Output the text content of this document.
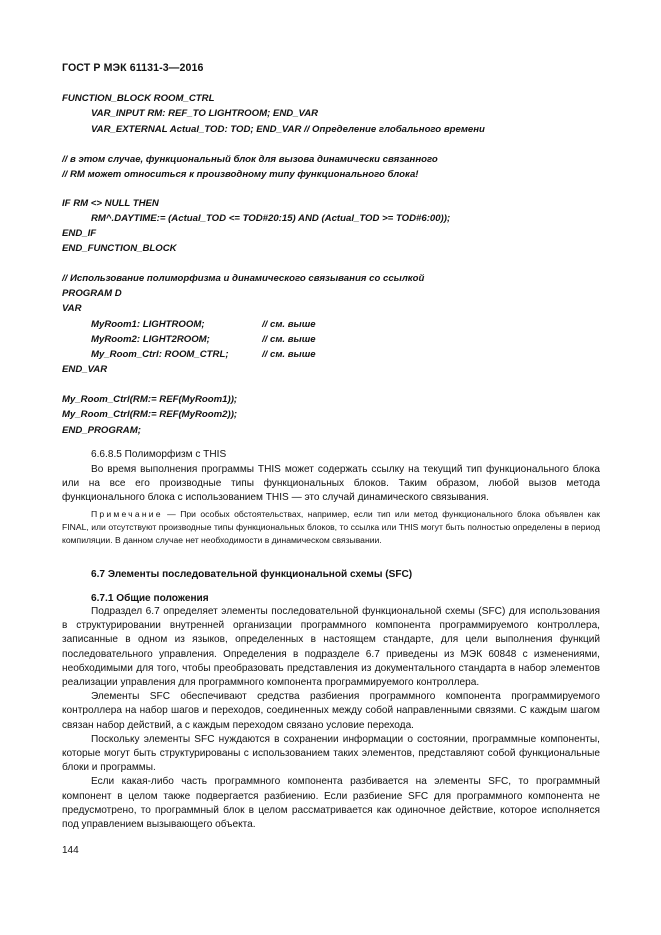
ГОСТ Р МЭК 61131-3—2016
FUNCTION_BLOCK ROOM_CTRL
VAR_INPUT RM: REF_TO LIGHTROOM; END_VAR
VAR_EXTERNAL Actual_TOD: TOD; END_VAR // Определение глобального времени
// в этом случае, функциональный блок для вызова динамически связанного
// RM может относиться к производному типу функционального блока!
IF RM <> NULL THEN
RM^.DAYTIME:= (Actual_TOD <= TOD#20:15) AND (Actual_TOD >= TOD#6:00));
END_IF
END_FUNCTION_BLOCK
// Использование полиморфизма и динамического связывания со ссылкой
PROGRAM D
VAR
MyRoom1: LIGHTROOM;	// см. выше
MyRoom2: LIGHT2ROOM;	// см. выше
My_Room_Ctrl: ROOM_CTRL;	// см. выше
END_VAR
My_Room_Ctrl(RM:= REF(MyRoom1));
My_Room_Ctrl(RM:= REF(MyRoom2));
END_PROGRAM;
6.6.8.5 Полиморфизм с THIS

Во время выполнения программы THIS может содержать ссылку на текущий тип функционального блока или на все его производные типы функциональных блоков. Таким образом, любой вызов метода функционального блока с использованием THIS — это случай динамического связывания.

Примечание — При особых обстоятельствах, например, если тип или метод функционального блока объявлен как FINAL, или отсутствуют производные типы функциональных блоков, то ссылка или THIS могут быть полностью определены в период компиляции. В данном случае нет необходимости в динамическом связывании.
6.7 Элементы последовательной функциональной схемы (SFC)
6.7.1 Общие положения

Подраздел 6.7 определяет элементы последовательной функциональной схемы (SFC) для использования в структурировании внутренней организации программного компонента программируемого контроллера, записанные в одном из языков, определенных в настоящем стандарте, для цели выполнения функций последовательного управления. Определения в подразделе 6.7 приведены из МЭК 60848 с изменениями, необходимыми для того, чтобы преобразовать представления из документального стандарта в набор элементов реализации управления для программного компонента программируемого контроллера.

Элементы SFC обеспечивают средства разбиения программного компонента программируемого контроллера на набор шагов и переходов, соединенных между собой направленными связями. С каждым шагом связан набор действий, а с каждым переходом связано условие перехода.

Поскольку элементы SFC нуждаются в сохранении информации о состоянии, программные компоненты, которые могут быть структурированы с использованием таких элементов, представляют собой функциональные блоки и программы.

Если какая-либо часть программного компонента разбивается на элементы SFC, то программный компонент в целом также подвергается разбиению. Если разбиение SFC для программного компонента не предусмотрено, то программный блок в целом рассматривается как одиночное действие, которое исполняется под управлением вызывающего объекта.

144
